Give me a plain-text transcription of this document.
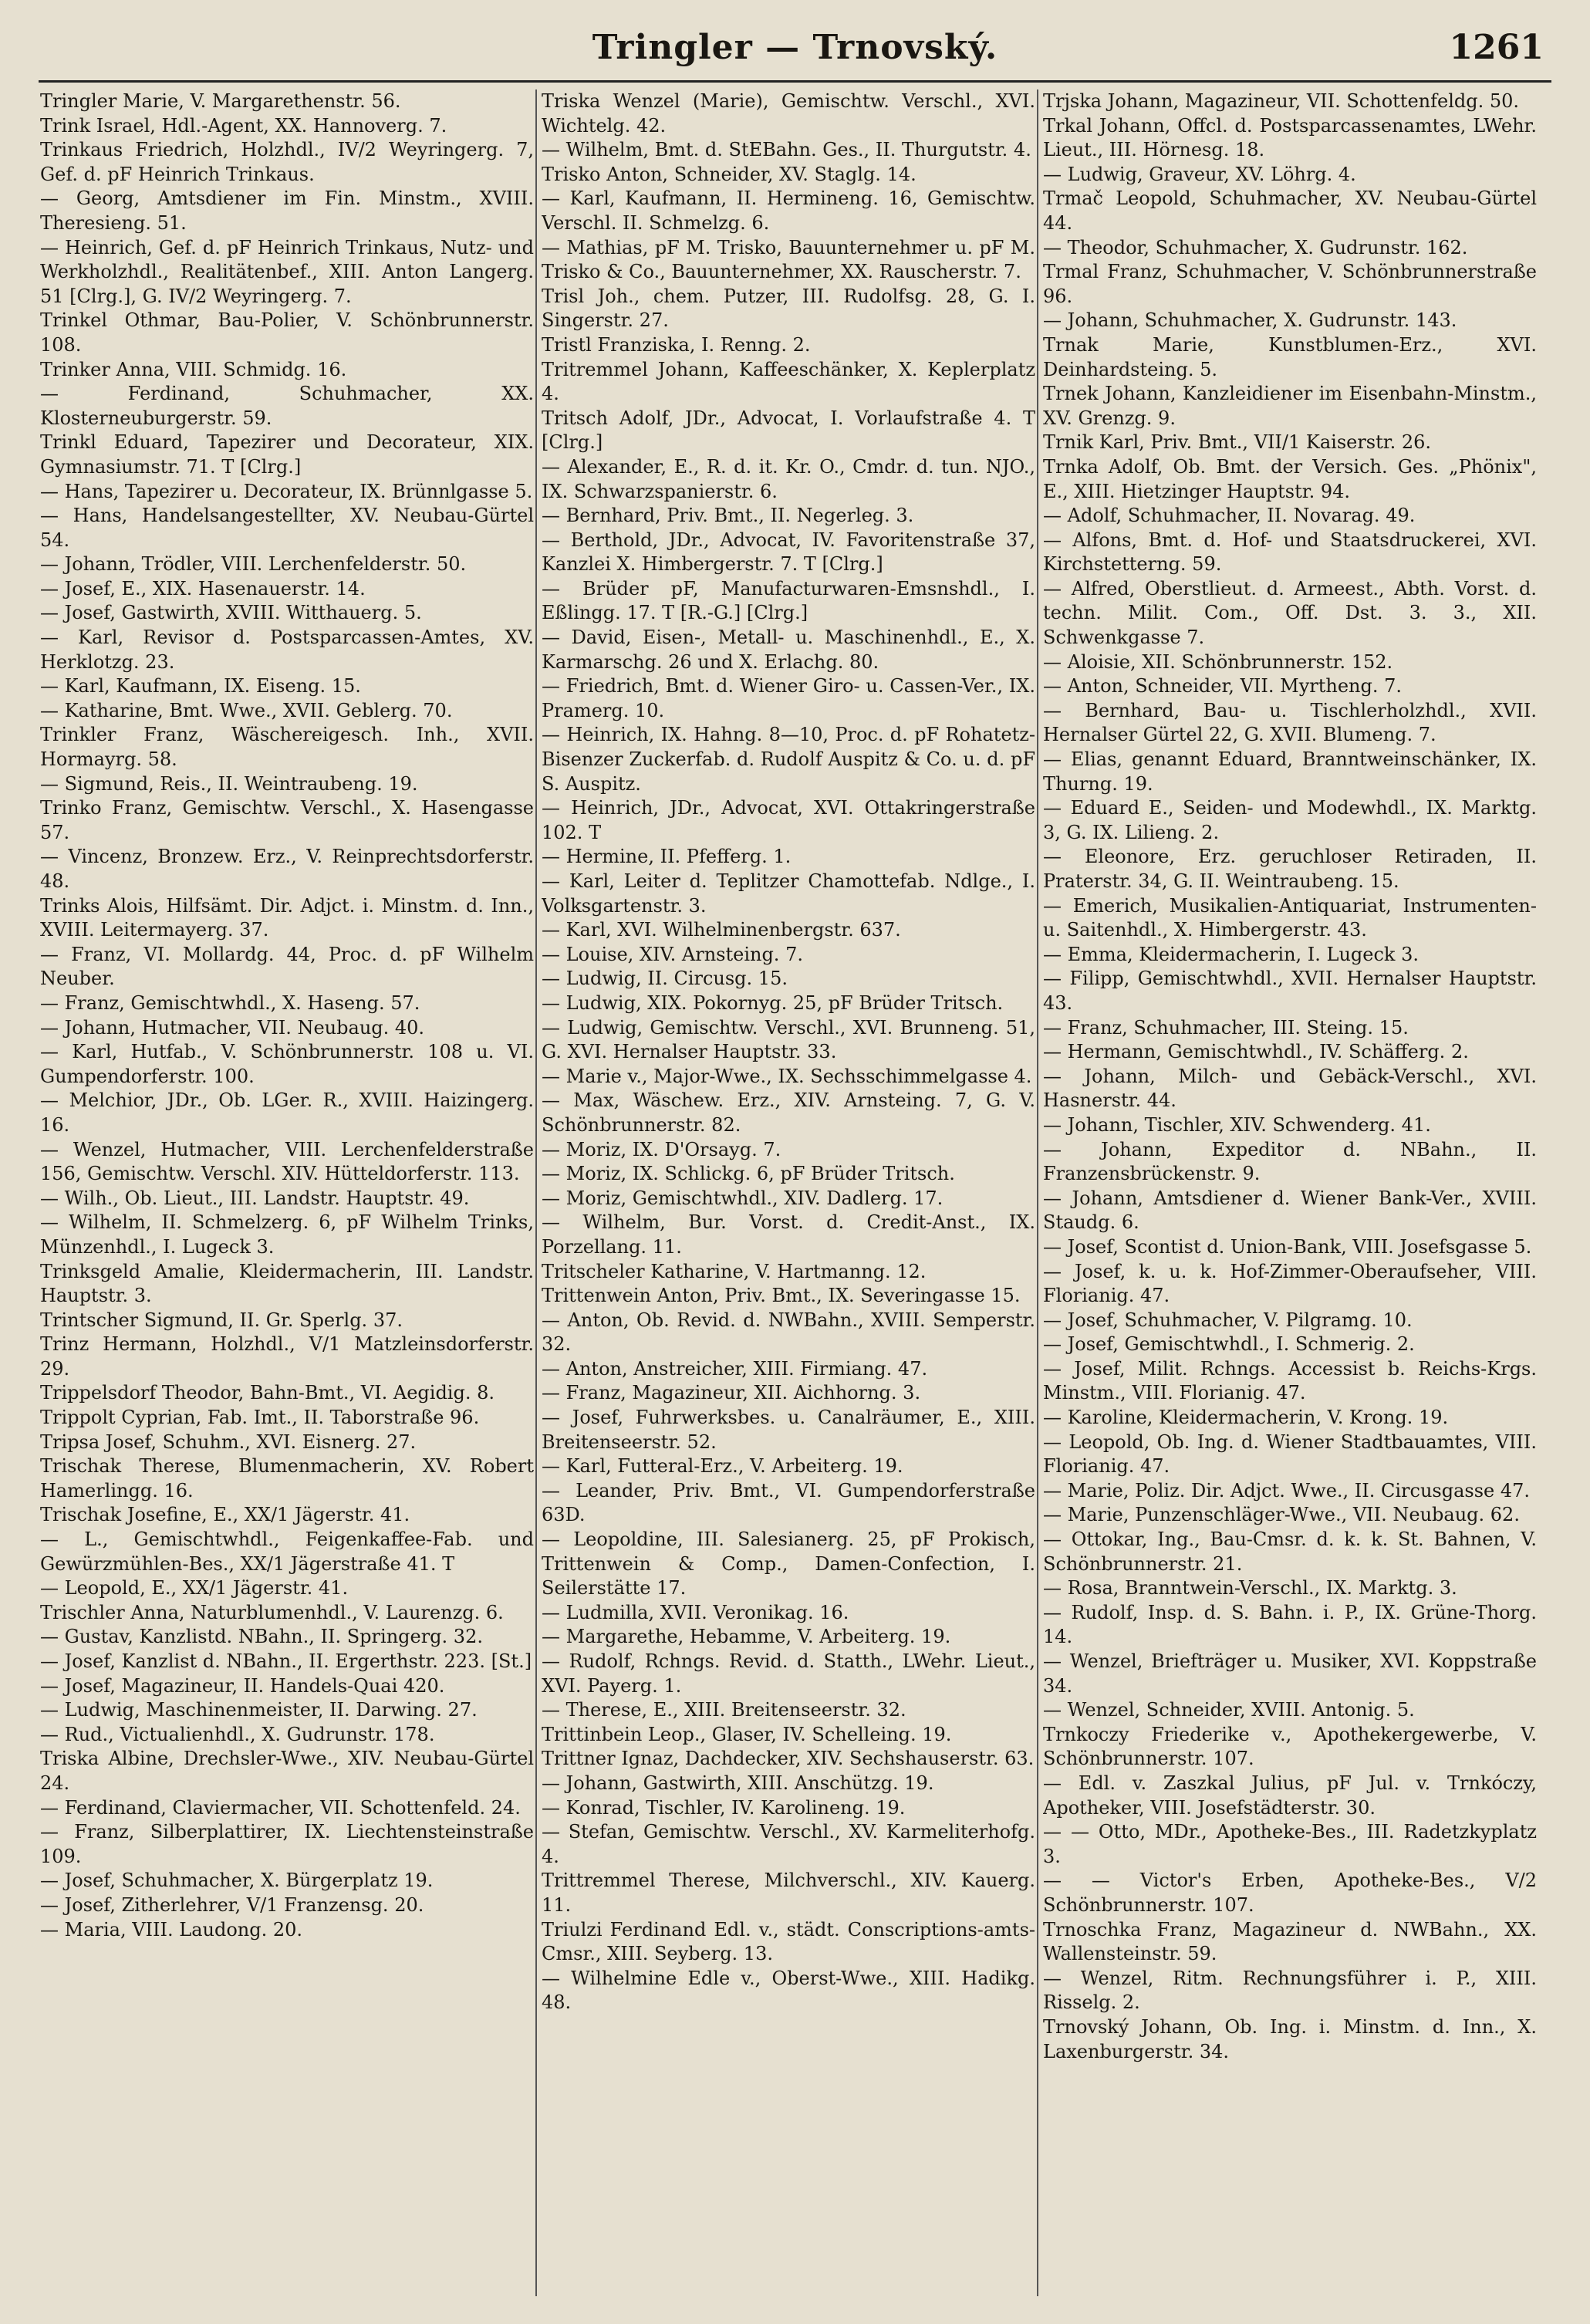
Tringler — Trnovský.	1261

Tringler Marie, V. Margarethenstr. 56.

Trink Israel, Hdl.-Agent, XX. Hannoverg. 7.

Trinkaus Friedrich, Holzhdl., IV/2 Weyringerg. 7, Gef. d. pF Heinrich Trinkaus.

— Georg, Amtsdiener im Fin. Minstm., XVIII. Theresieng. 51.

— Heinrich, Gef. d. pF Heinrich Trinkaus, Nutz- und Werkholzhdl., Realitätenbef., XIII. Anton Langerg. 51 [Clrg.], G. IV/2 Weyringerg. 7.

Trinkel Othmar, Bau-Polier, V. Schönbrunnerstr. 108.

Trinker Anna, VIII. Schmidg. 16.

— Ferdinand, Schuhmacher, XX. Klosterneuburgerstr. 59.

Trinkl Eduard, Tapezirer und Decorateur, XIX. Gymnasiumstr. 71. T [Clrg.]

— Hans, Tapezirer u. Decorateur, IX. Brünnlgasse 5.

— Hans, Handelsangestellter, XV. Neubau-Gürtel 54.

— Johann, Trödler, VIII. Lerchenfelderstr. 50.

— Josef, E., XIX. Hasenauerstr. 14.

— Josef, Gastwirth, XVIII. Witthauerg. 5.

— Karl, Revisor d. Postsparcassen-Amtes, XV. Herklotzg. 23.

— Karl, Kaufmann, IX. Eiseng. 15.

— Katharine, Bmt. Wwe., XVII. Geblerg. 70.

Trinkler Franz, Wäschereigesch. Inh., XVII. Hormayrg. 58.

— Sigmund, Reis., II. Weintraubeng. 19.

Trinko Franz, Gemischtw. Verschl., X. Hasengasse 57.

— Vincenz, Bronzew. Erz., V. Reinprechtsdorferstr. 48.

Trinks Alois, Hilfsämt. Dir. Adjct. i. Minstm. d. Inn., XVIII. Leitermayerg. 37.

— Franz, VI. Mollardg. 44, Proc. d. pF Wilhelm Neuber.

— Franz, Gemischtwhdl., X. Haseng. 57.

— Johann, Hutmacher, VII. Neubaug. 40.

— Karl, Hutfab., V. Schönbrunnerstr. 108 u. VI. Gumpendorferstr. 100.

— Melchior, JDr., Ob. LGer. R., XVIII. Haizingerg. 16.

— Wenzel, Hutmacher, VIII. Lerchenfelderstraße 156, Gemischtw. Verschl. XIV. Hütteldorferstr. 113.

— Wilh., Ob. Lieut., III. Landstr. Hauptstr. 49.

— Wilhelm, II. Schmelzerg. 6, pF Wilhelm Trinks, Münzenhdl., I. Lugeck 3.

Trinksgeld Amalie, Kleidermacherin, III. Landstr. Hauptstr. 3.

Trintscher Sigmund, II. Gr. Sperlg. 37.

Trinz Hermann, Holzhdl., V/1 Matzleinsdorferstr. 29.

Trippelsdorf Theodor, Bahn-Bmt., VI. Aegidig. 8.

Trippolt Cyprian, Fab. Imt., II. Taborstraße 96.

Tripsa Josef, Schuhm., XVI. Eisnerg. 27.

Trischak Therese, Blumenmacherin, XV. Robert Hamerlingg. 16.

Trischak Josefine, E., XX/1 Jägerstr. 41.

— L., Gemischtwhdl., Feigenkaffee-Fab. und Gewürzmühlen-Bes., XX/1 Jägerstraße 41. T

— Leopold, E., XX/1 Jägerstr. 41.

Trischler Anna, Naturblumenhdl., V. Laurenzg. 6.

— Gustav, Kanzlistd. NBahn., II. Springerg. 32.

— Josef, Kanzlist d. NBahn., II. Ergerthstr. 223. [St.]

— Josef, Magazineur, II. Handels-Quai 420.

— Ludwig, Maschinenmeister, II. Darwing. 27.

— Rud., Victualienhdl., X. Gudrunstr. 178.

Triska Albine, Drechsler-Wwe., XIV. Neubau-Gürtel 24.

— Ferdinand, Claviermacher, VII. Schottenfeld. 24.

— Franz, Silberplattirer, IX. Liechtensteinstraße 109.

— Josef, Schuhmacher, X. Bürgerplatz 19.

— Josef, Zitherlehrer, V/1 Franzensg. 20.

— Maria, VIII. Laudong. 20.

Triska Wenzel (Marie), Gemischtw. Verschl., XVI. Wichtelg. 42.

— Wilhelm, Bmt. d. StEBahn. Ges., II. Thurgutstr. 4.

Trisko Anton, Schneider, XV. Staglg. 14.

— Karl, Kaufmann, II. Hermineng. 16, Gemischtw. Verschl. II. Schmelzg. 6.

— Mathias, pF M. Trisko, Bauunternehmer u. pF M. Trisko & Co., Bauunternehmer, XX. Rauscherstr. 7.

Trisl Joh., chem. Putzer, III. Rudolfsg. 28, G. I. Singerstr. 27.

Tristl Franziska, I. Renng. 2.

Tritremmel Johann, Kaffeeschänker, X. Keplerplatz 4.

Tritsch Adolf, JDr., Advocat, I. Vorlaufstraße 4. T [Clrg.]

— Alexander, E., R. d. it. Kr. O., Cmdr. d. tun. NJO., IX. Schwarzspanierstr. 6.

— Bernhard, Priv. Bmt., II. Negerleg. 3.

— Berthold, JDr., Advocat, IV. Favoritenstraße 37, Kanzlei X. Himbergerstr. 7. T [Clrg.]

— Brüder pF, Manufacturwaren-Emsnshdl., I. Eßlingg. 17. T [R.-G.] [Clrg.]

— David, Eisen-, Metall- u. Maschinenhdl., E., X. Karmarschg. 26 und X. Erlachg. 80.

— Friedrich, Bmt. d. Wiener Giro- u. Cassen-Ver., IX. Pramerg. 10.

— Heinrich, IX. Hahng. 8—10, Proc. d. pF Rohatetz-Bisenzer Zuckerfab. d. Rudolf Auspitz & Co. u. d. pF S. Auspitz.

— Heinrich, JDr., Advocat, XVI. Ottakringerstraße 102. T

— Hermine, II. Pfefferg. 1.

— Karl, Leiter d. Teplitzer Chamottefab. Ndlge., I. Volksgartenstr. 3.

— Karl, XVI. Wilhelminenbergstr. 637.

— Louise, XIV. Arnsteing. 7.

— Ludwig, II. Circusg. 15.

— Ludwig, XIX. Pokornyg. 25, pF Brüder Tritsch.

— Ludwig, Gemischtw. Verschl., XVI. Brunneng. 51, G. XVI. Hernalser Hauptstr. 33.

— Marie v., Major-Wwe., IX. Sechsschimmelgasse 4.

— Max, Wäschew. Erz., XIV. Arnsteing. 7, G. V. Schönbrunnerstr. 82.

— Moriz, IX. D'Orsayg. 7.

— Moriz, IX. Schlickg. 6, pF Brüder Tritsch.

— Moriz, Gemischtwhdl., XIV. Dadlerg. 17.

— Wilhelm, Bur. Vorst. d. Credit-Anst., IX. Porzellang. 11.

Tritscheler Katharine, V. Hartmanng. 12.

Trittenwein Anton, Priv. Bmt., IX. Severingasse 15.

— Anton, Ob. Revid. d. NWBahn., XVIII. Semperstr. 32.

— Anton, Anstreicher, XIII. Firmiang. 47.

— Franz, Magazineur, XII. Aichhorng. 3.

— Josef, Fuhrwerksbes. u. Canalräumer, E., XIII. Breitenseerstr. 52.

— Karl, Futteral-Erz., V. Arbeiterg. 19.

— Leander, Priv. Bmt., VI. Gumpendorferstraße 63D.

— Leopoldine, III. Salesianerg. 25, pF Prokisch, Trittenwein & Comp., Damen-Confection, I. Seilerstätte 17.

— Ludmilla, XVII. Veronikag. 16.

— Margarethe, Hebamme, V. Arbeiterg. 19.

— Rudolf, Rchngs. Revid. d. Statth., LWehr. Lieut., XVI. Payerg. 1.

— Therese, E., XIII. Breitenseerstr. 32.

Trittinbein Leop., Glaser, IV. Schelleing. 19.

Trittner Ignaz, Dachdecker, XIV. Sechshauserstr. 63.

— Johann, Gastwirth, XIII. Anschützg. 19.

— Konrad, Tischler, IV. Karolineng. 19.

— Stefan, Gemischtw. Verschl., XV. Karmeliterhofg. 4.

Trittremmel Therese, Milchverschl., XIV. Kauerg. 11.

Triulzi Ferdinand Edl. v., städt. Conscriptions-amts-Cmsr., XIII. Seyberg. 13.

— Wilhelmine Edle v., Oberst-Wwe., XIII. Hadikg. 48.

Trjska Johann, Magazineur, VII. Schottenfeldg. 50.

Trkal Johann, Offcl. d. Postsparcassenamtes, LWehr. Lieut., III. Hörnesg. 18.

— Ludwig, Graveur, XV. Löhrg. 4.

Trmač Leopold, Schuhmacher, XV. Neubau-Gürtel 44.

— Theodor, Schuhmacher, X. Gudrunstr. 162.

Trmal Franz, Schuhmacher, V. Schönbrunnerstraße 96.

— Johann, Schuhmacher, X. Gudrunstr. 143.

Trnak Marie, Kunstblumen-Erz., XVI. Deinhardsteing. 5.

Trnek Johann, Kanzleidiener im Eisenbahn-Minstm., XV. Grenzg. 9.

Trnik Karl, Priv. Bmt., VII/1 Kaiserstr. 26.

Trnka Adolf, Ob. Bmt. der Versich. Ges. „Phönix", E., XIII. Hietzinger Hauptstr. 94.

— Adolf, Schuhmacher, II. Novarag. 49.

— Alfons, Bmt. d. Hof- und Staatsdruckerei, XVI. Kirchstetterng. 59.

— Alfred, Oberstlieut. d. Armeest., Abth. Vorst. d. techn. Milit. Com., Off. Dst. 3. 3., XII. Schwenkgasse 7.

— Aloisie, XII. Schönbrunnerstr. 152.

— Anton, Schneider, VII. Myrtheng. 7.

— Bernhard, Bau- u. Tischlerholzhdl., XVII. Hernalser Gürtel 22, G. XVII. Blumeng. 7.

— Elias, genannt Eduard, Branntweinschänker, IX. Thurng. 19.

— Eduard E., Seiden- und Modewhdl., IX. Marktg. 3, G. IX. Lilieng. 2.

— Eleonore, Erz. geruchloser Retiraden, II. Praterstr. 34, G. II. Weintraubeng. 15.

— Emerich, Musikalien-Antiquariat, Instrumenten- u. Saitenhdl., X. Himbergerstr. 43.

— Emma, Kleidermacherin, I. Lugeck 3.

— Filipp, Gemischtwhdl., XVII. Hernalser Hauptstr. 43.

— Franz, Schuhmacher, III. Steing. 15.

— Hermann, Gemischtwhdl., IV. Schäfferg. 2.

— Johann, Milch- und Gebäck-Verschl., XVI. Hasnerstr. 44.

— Johann, Tischler, XIV. Schwenderg. 41.

— Johann, Expeditor d. NBahn., II. Franzensbrückenstr. 9.

— Johann, Amtsdiener d. Wiener Bank-Ver., XVIII. Staudg. 6.

— Josef, Scontist d. Union-Bank, VIII. Josefsgasse 5.

— Josef, k. u. k. Hof-Zimmer-Oberaufseher, VIII. Florianig. 47.

— Josef, Schuhmacher, V. Pilgramg. 10.

— Josef, Gemischtwhdl., I. Schmerig. 2.

— Josef, Milit. Rchngs. Accessist b. Reichs-Krgs. Minstm., VIII. Florianig. 47.

— Karoline, Kleidermacherin, V. Krong. 19.

— Leopold, Ob. Ing. d. Wiener Stadtbauamtes, VIII. Florianig. 47.

— Marie, Poliz. Dir. Adjct. Wwe., II. Circusgasse 47.

— Marie, Punzenschläger-Wwe., VII. Neubaug. 62.

— Ottokar, Ing., Bau-Cmsr. d. k. k. St. Bahnen, V. Schönbrunnerstr. 21.

— Rosa, Branntwein-Verschl., IX. Marktg. 3.

— Rudolf, Insp. d. S. Bahn. i. P., IX. Grüne-Thorg. 14.

— Wenzel, Briefträger u. Musiker, XVI. Koppstraße 34.

— Wenzel, Schneider, XVIII. Antonig. 5.

Trnkoczy Friederike v., Apothekergewerbe, V. Schönbrunnerstr. 107.

— Edl. v. Zaszkal Julius, pF Jul. v. Trnkóczy, Apotheker, VIII. Josefstädterstr. 30.

— — Otto, MDr., Apotheke-Bes., III. Radetzkyplatz 3.

— — Victor's Erben, Apotheke-Bes., V/2 Schönbrunnerstr. 107.

Trnoschka Franz, Magazineur d. NWBahn., XX. Wallensteinstr. 59.

— Wenzel, Ritm. Rechnungsführer i. P., XIII. Risselg. 2.

Trnovský Johann, Ob. Ing. i. Minstm. d. Inn., X. Laxenburgerstr. 34.
